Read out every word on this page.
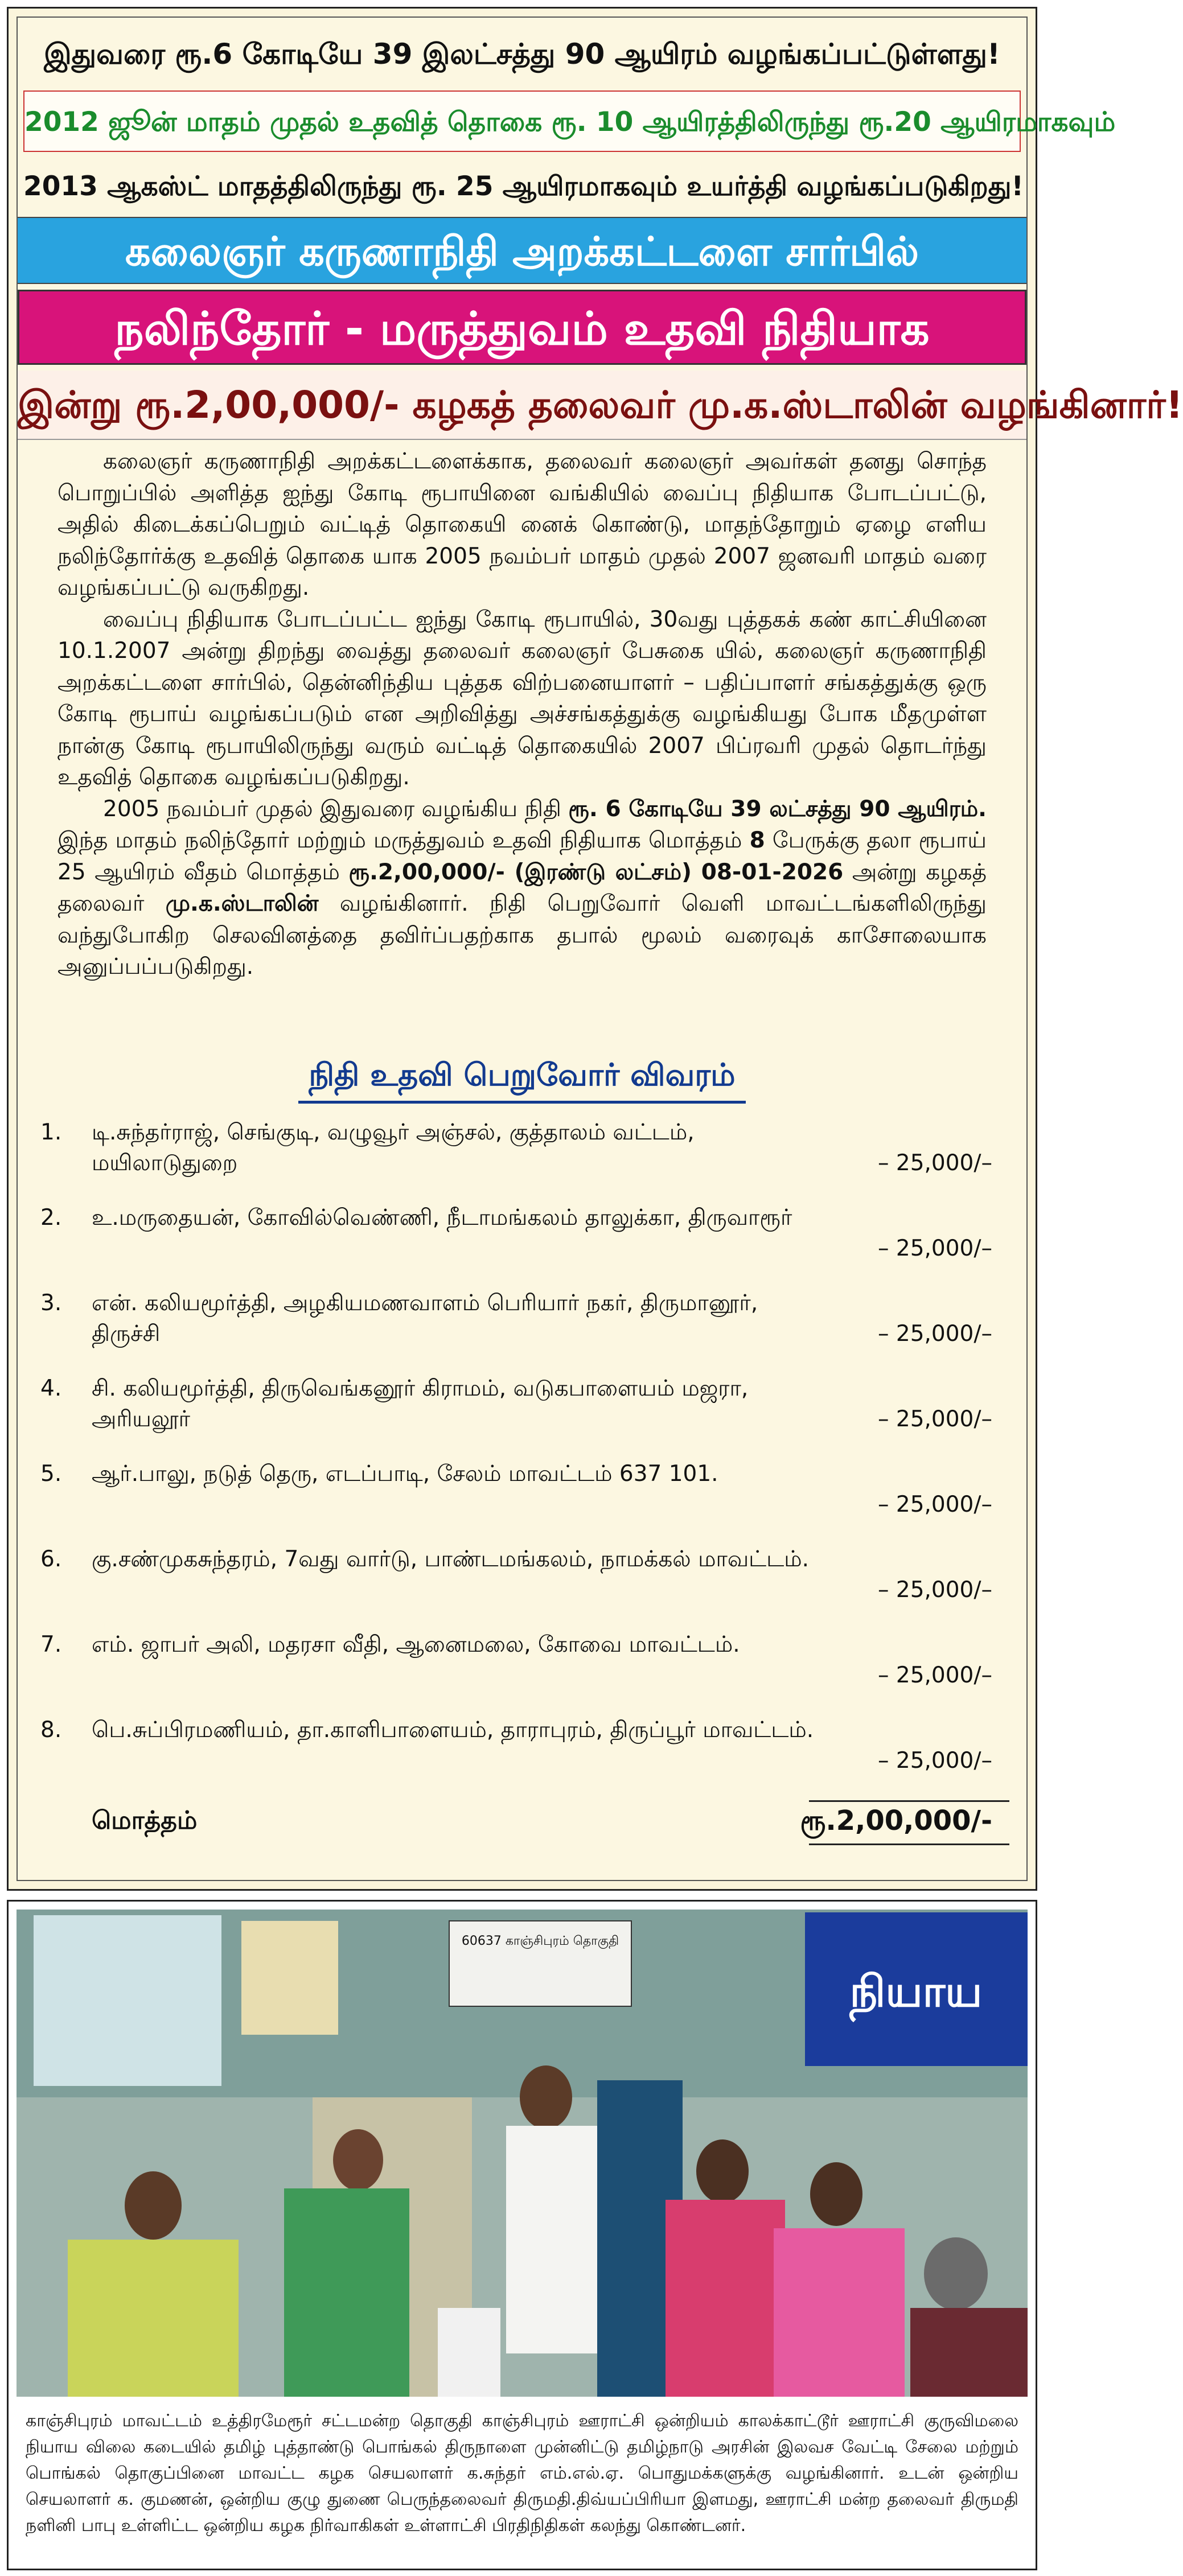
இதுவரை ரூ.6 கோடியே 39 இலட்சத்து 90 ஆயிரம் வழங்கப்பட்டுள்ளது!
2012 ஜூன் மாதம் முதல் உதவித் தொகை ரூ. 10 ஆயிரத்திலிருந்து ரூ.20 ஆயிரமாகவும்
2013 ஆகஸ்ட் மாதத்திலிருந்து ரூ. 25 ஆயிரமாகவும் உயர்த்தி வழங்கப்படுகிறது!
கலைஞர் கருணாநிதி அறக்கட்டளை சார்பில்
நலிந்தோர் - மருத்துவம் உதவி நிதியாக
இன்று ரூ.2,00,000/- கழகத் தலைவர் மு.க.ஸ்டாலின் வழங்கினார்!

கலைஞர் கருணாநிதி அறக்கட்டளைக்காக, தலைவர் கலைஞர் அவர்கள் தனது சொந்த பொறுப்பில் அளித்த ஐந்து கோடி ரூபாயினை வங்கியில் வைப்பு நிதியாக போடப்பட்டு, அதில் கிடைக்கப்பெறும் வட்டித் தொகையி னைக் கொண்டு, மாதந்தோறும் ஏழை எளிய நலிந்தோர்க்கு உதவித் தொகை யாக 2005 நவம்பர் மாதம் முதல் 2007 ஜனவரி மாதம் வரை வழங்கப்பட்டு வருகிறது.

வைப்பு நிதியாக போடப்பட்ட ஐந்து கோடி ரூபாயில், 30வது புத்தகக் கண் காட்சியினை 10.1.2007 அன்று திறந்து வைத்து தலைவர் கலைஞர் பேசுகை யில், கலைஞர் கருணாநிதி அறக்கட்டளை சார்பில், தென்னிந்திய புத்தக விற்பனையாளர் – பதிப்பாளர் சங்கத்துக்கு ஒரு கோடி ரூபாய் வழங்கப்படும் என அறிவித்து அச்சங்கத்துக்கு வழங்கியது போக மீதமுள்ள நான்கு கோடி ரூபாயிலிருந்து வரும் வட்டித் தொகையில் 2007 பிப்ரவரி முதல் தொடர்ந்து உதவித் தொகை வழங்கப்படுகிறது.

2005 நவம்பர் முதல் இதுவரை வழங்கிய நிதி ரூ. 6 கோடியே 39 லட்சத்து 90 ஆயிரம். இந்த மாதம் நலிந்தோர் மற்றும் மருத்துவம் உதவி நிதியாக மொத்தம் 8 பேருக்கு தலா ரூபாய் 25 ஆயிரம் வீதம் மொத்தம் ரூ.2,00,000/- (இரண்டு லட்சம்) 08-01-2026 அன்று கழகத் தலைவர் மு.க.ஸ்டாலின் வழங்கினார். நிதி பெறுவோர் வெளி மாவட்டங்களிலிருந்து வந்துபோகிற செலவினத்தை தவிர்ப்பதற்காக தபால் மூலம் வரைவுக் காசோலையாக அனுப்பப்படுகிறது.

நிதி உதவி பெறுவோர் விவரம்
1.	டி.சுந்தர்ராஜ், செங்குடி, வழுவூர் அஞ்சல், குத்தாலம் வட்டம், மயிலாடுதுறை	– 25,000/–
2.	உ.மருதையன், கோவில்வெண்ணி, நீடாமங்கலம் தாலுக்கா, திருவாரூர்
– 25,000/–
3.	என். கலியமூர்த்தி, அழகியமணவாளம் பெரியார் நகர், திருமானூர், திருச்சி	– 25,000/–
4.	சி. கலியமூர்த்தி, திருவெங்கனூர் கிராமம், வடுகபாளையம் மஜரா, அரியலூர்	– 25,000/–
5.	ஆர்.பாலு, நடுத் தெரு, எடப்பாடி, சேலம் மாவட்டம் 637 101.
– 25,000/–
6.	கு.சண்முகசுந்தரம், 7வது வார்டு, பாண்டமங்கலம், நாமக்கல் மாவட்டம்.
– 25,000/–
7.	எம். ஜாபர் அலி, மதரசா வீதி, ஆனைமலை, கோவை மாவட்டம்.
– 25,000/–
8.	பெ.சுப்பிரமணியம், தா.காளிபாளையம், தாராபுரம், திருப்பூர் மாவட்டம்.
– 25,000/–
மொத்தம்	ரூ.2,00,000/-
60637 காஞ்சிபுரம் தொகுதி
நியாய
காஞ்சிபுரம் மாவட்டம் உத்திரமேரூர் சட்டமன்ற தொகுதி காஞ்சிபுரம் ஊராட்சி ஒன்றியம் காலக்காட்டூர் ஊராட்சி குருவிமலை நியாய விலை கடையில் தமிழ் புத்தாண்டு பொங்கல் திருநாளை முன்னிட்டு தமிழ்நாடு அரசின் இலவச வேட்டி சேலை மற்றும் பொங்கல் தொகுப்பினை மாவட்ட கழக செயலாளர் க.சுந்தர் எம்.எல்.ஏ. பொதுமக்களுக்கு வழங்கினார். உடன் ஒன்றிய செயலாளர் க. குமணன், ஒன்றிய குழு துணை பெருந்தலைவர் திருமதி.திவ்யப்பிரியா இளமது, ஊராட்சி மன்ற தலைவர் திருமதி நளினி பாபு உள்ளிட்ட ஒன்றிய கழக நிர்வாகிகள் உள்ளாட்சி பிரதிநிதிகள் கலந்து கொண்டனர்.
